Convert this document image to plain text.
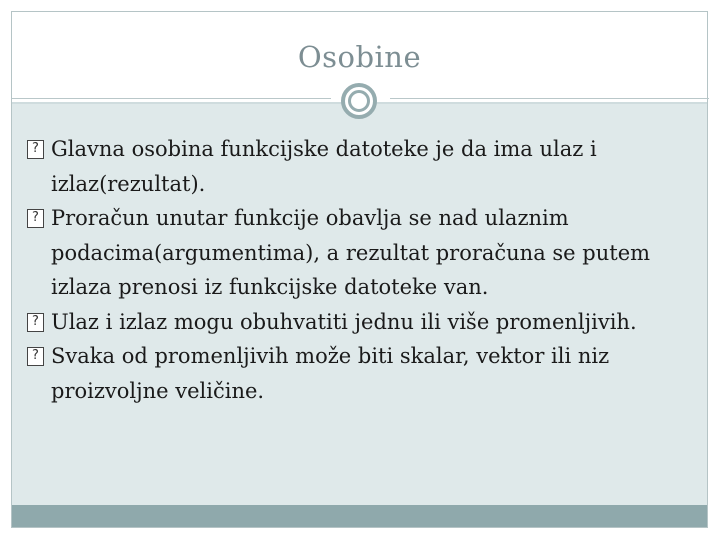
Osobine
?
Glavna osobina funkcijske datoteke je da ima ulaz i izlaz(rezultat).
?
Proračun unutar funkcije obavlja se nad ulaznim podacima(argumentima), a rezultat proračuna se putem izlaza prenosi iz funkcijske datoteke van.
?
Ulaz i izlaz mogu obuhvatiti jednu ili više promenljivih.
?
Svaka od promenljivih može biti skalar, vektor ili niz proizvoljne veličine.
